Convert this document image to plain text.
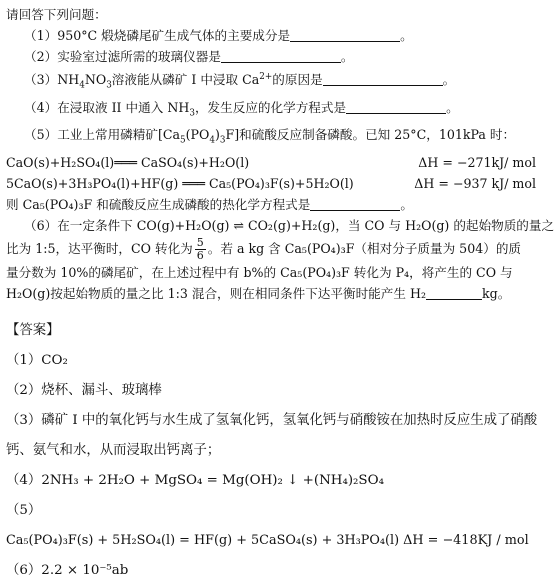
请回答下列问题：
（1）950°C 煅烧磷尾矿生成气体的主要成分是	。
（2）实验室过滤所需的玻璃仪器是	。
$(3)NH_4NO_3$溶液能从磷矿 I 中浸取 $Ca^{2+}$的原因是	。
（4）在浸取液 II 中通入 $NH_3$，发生反应的化学方程式是	。
（5）工业上常用磷精矿$[Ca_5(PO_4)_3F]$和硫酸反应制备磷酸。已知 25°C，101kPa 时：
CaO(s)+H₂SO₄(l)═══ CaSO₄(s)+H₂O(l)	ΔH = −271kJ/ mol
5CaO(s)+3H₃PO₄(l)+HF(g) ═══ Ca₅(PO₄)₃F(s)+5H₂O(l)	ΔH = −937 kJ/ mol
则 Ca₅(PO₄)₃F 和硫酸反应生成磷酸的热化学方程式是	。
（6）在一定条件下 CO(g)+H₂O(g) ⇌ CO₂(g)+H₂(g)，当 CO 与 H₂O(g) 的起始物质的量之
比为 1:5，达平衡时，CO 转化为 $\frac{5}{6}$ 。若 a kg 含 Ca₅(PO₄)₃F（相对分子质量为 504）的质
量分数为 10%的磷尾矿，在上述过程中有 b%的 Ca₅(PO₄)₃F 转化为 P₄，将产生的 CO 与
H₂O(g)按起始物质的量之比 1:3 混合，则在相同条件下达平衡时能产生 H₂	kg。
【答案】
（1）CO₂
（2）烧杯、漏斗、玻璃棒
（3）磷矿 I 中的氧化钙与水生成了氢氧化钙，氢氧化钙与硝酸铵在加热时反应生成了硝酸钙、氨气和水，从而浸取出钙离子；
（4）2NH₃ + 2H₂O + MgSO₄ = Mg(OH)₂ ↓ +(NH₄)₂SO₄
（5）
Ca₅(PO₄)₃F(s) + 5H₂SO₄(l) = HF(g) + 5CaSO₄(s) + 3H₃PO₄(l) ΔH = −418KJ / mol
（6）2.2 × 10⁻⁵ab
